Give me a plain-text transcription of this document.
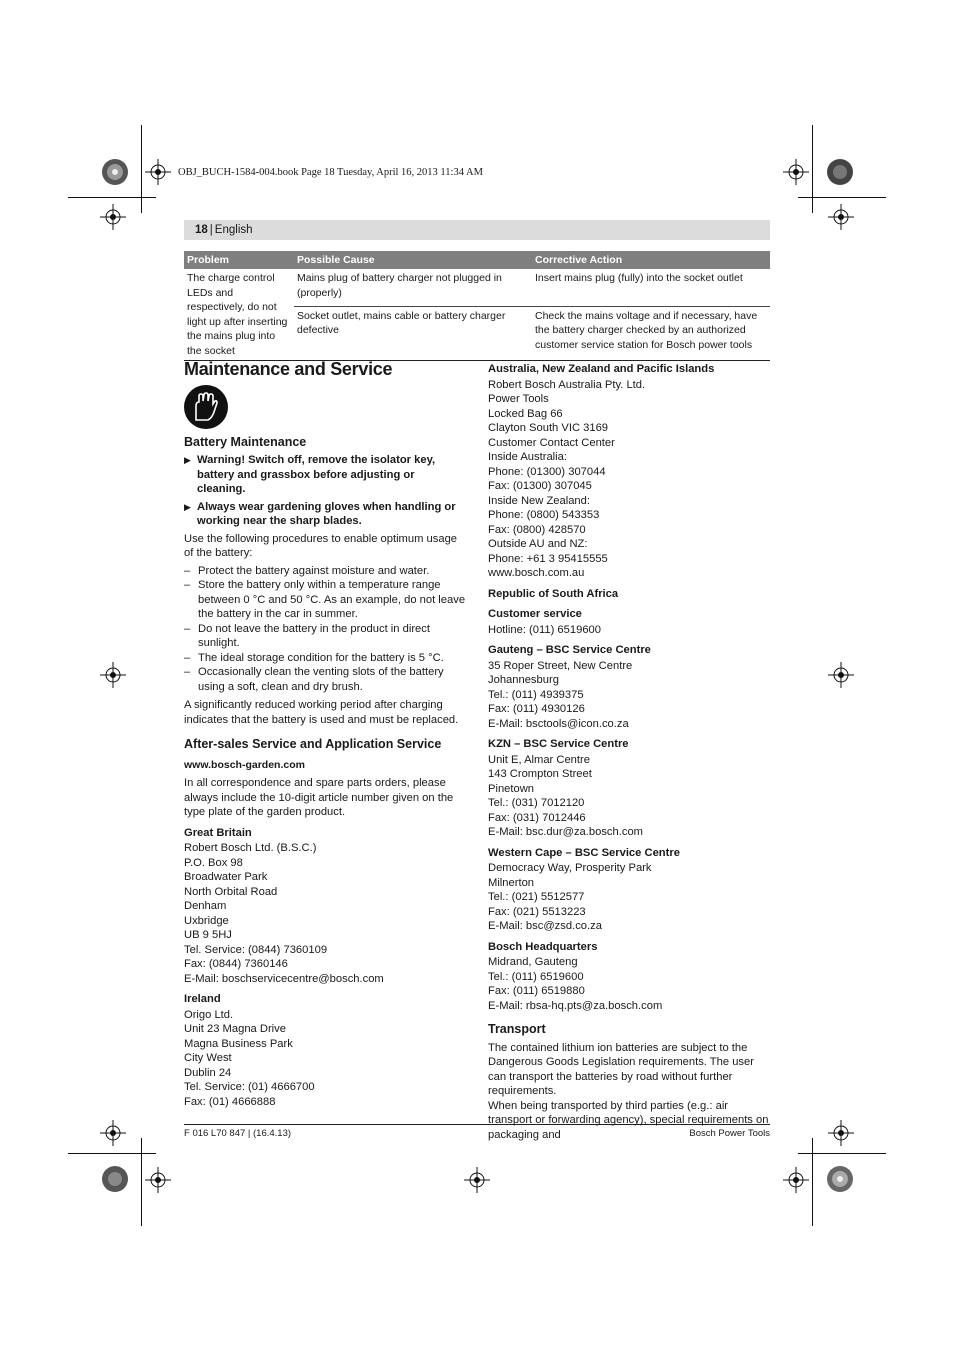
OBJ_BUCH-1584-004.book Page 18 Tuesday, April 16, 2013 11:34 AM
18 | English
Problem	Possible Cause	Corrective Action
The charge control LEDs and respectively, do not light up after inserting the mains plug into the socket	Mains plug of battery charger not plugged in (properly)	Insert mains plug (fully) into the socket outlet
	Socket outlet, mains cable or battery charger defective	Check the mains voltage and if necessary, have the battery charger checked by an authorized customer service station for Bosch power tools
Maintenance and Service
Battery Maintenance
▶ Warning! Switch off, remove the isolator key, battery and grassbox before adjusting or cleaning.
▶ Always wear gardening gloves when handling or working near the sharp blades.

Use the following procedures to enable optimum usage of the battery:

– Protect the battery against moisture and water.
– Store the battery only within a temperature range between 0 °C and 50 °C. As an example, do not leave the battery in the car in summer.
– Do not leave the battery in the product in direct sunlight.
– The ideal storage condition for the battery is 5 °C.
– Occasionally clean the venting slots of the battery using a soft, clean and dry brush.

A significantly reduced working period after charging indicates that the battery is used and must be replaced.

After-sales Service and Application Service
www.bosch-garden.com

In all correspondence and spare parts orders, please always include the 10-digit article number given on the type plate of the garden product.

Great Britain
Robert Bosch Ltd. (B.S.C.)
P.O. Box 98
Broadwater Park
North Orbital Road
Denham
Uxbridge
UB 9 5HJ
Tel. Service: (0844) 7360109
Fax: (0844) 7360146
E-Mail: boschservicecentre@bosch.com
Ireland
Origo Ltd.
Unit 23 Magna Drive
Magna Business Park
City West
Dublin 24
Tel. Service: (01) 4666700
Fax: (01) 4666888
Australia, New Zealand and Pacific Islands
Robert Bosch Australia Pty. Ltd.
Power Tools
Locked Bag 66
Clayton South VIC 3169
Customer Contact Center
Inside Australia:
Phone: (01300) 307044
Fax: (01300) 307045
Inside New Zealand:
Phone: (0800) 543353
Fax: (0800) 428570
Outside AU and NZ:
Phone: +61 3 95415555
www.bosch.com.au
Republic of South Africa
Customer service
Hotline: (011) 6519600
Gauteng – BSC Service Centre
35 Roper Street, New Centre
Johannesburg
Tel.: (011) 4939375
Fax: (011) 4930126
E-Mail: bsctools@icon.co.za
KZN – BSC Service Centre
Unit E, Almar Centre
143 Crompton Street
Pinetown
Tel.: (031) 7012120
Fax: (031) 7012446
E-Mail: bsc.dur@za.bosch.com
Western Cape – BSC Service Centre
Democracy Way, Prosperity Park
Milnerton
Tel.: (021) 5512577
Fax: (021) 5513223
E-Mail: bsc@zsd.co.za
Bosch Headquarters
Midrand, Gauteng
Tel.: (011) 6519600
Fax: (011) 6519880
E-Mail: rbsa-hq.pts@za.bosch.com
Transport

The contained lithium ion batteries are subject to the Dangerous Goods Legislation requirements. The user can transport the batteries by road without further requirements.

When being transported by third parties (e.g.: air transport or forwarding agency), special requirements on packaging and

F 016 L70 847 | (16.4.13)	Bosch Power Tools
